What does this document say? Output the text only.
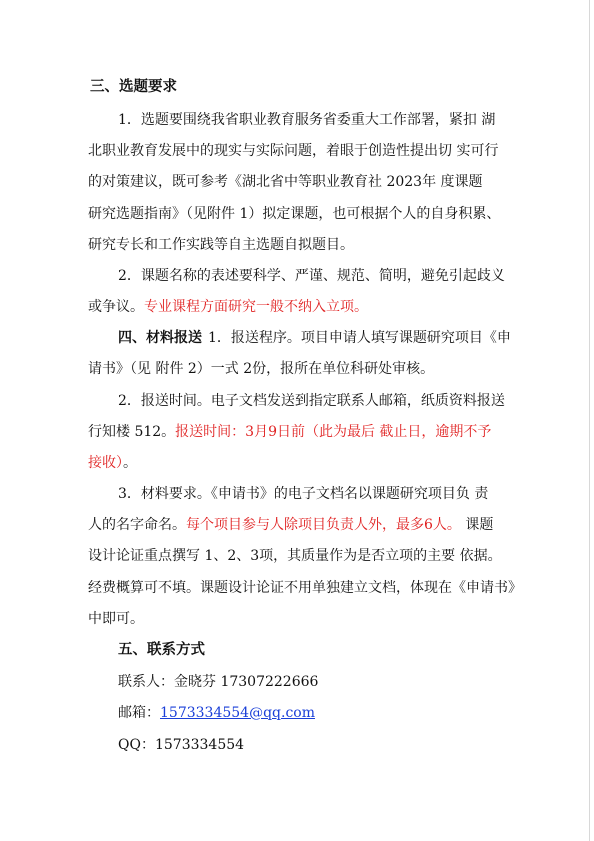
三、选题要求
1．选题要围绕我省职业教育服务省委重大工作部署，紧扣 湖
北职业教育发展中的现实与实际问题，着眼于创造性提出切 实可行
的对策建议，既可参考《湖北省中等职业教育社 2023年 度课题
研究选题指南》（见附件 1）拟定课题，也可根据个人的自身积累、
研究专长和工作实践等自主选题自拟题目。
2．课题名称的表述要科学、严谨、规范、简明，避免引起歧义
或争议。专业课程方面研究一般不纳入立项。
四、材料报送 1．报送程序。项目申请人填写课题研究项目《申
请书》（见 附件 2）一式 2份，报所在单位科研处审核。
2．报送时间。电子文档发送到指定联系人邮箱，纸质资料报送
行知楼 512。报送时间：3月9日前（此为最后 截止日，逾期不予
接收）。
3．材料要求。《申请书》的电子文档名以课题研究项目负 责
人的名字命名。每个项目参与人除项目负责人外，最多6人。 课题
设计论证重点撰写 1、2、3项，其质量作为是否立项的主要 依据。
经费概算可不填。课题设计论证不用单独建立文档，体现在《申请书》
中即可。
五、联系方式
联系人：金晓芬 17307222666
邮箱：1573334554@qq.com
QQ：1573334554
